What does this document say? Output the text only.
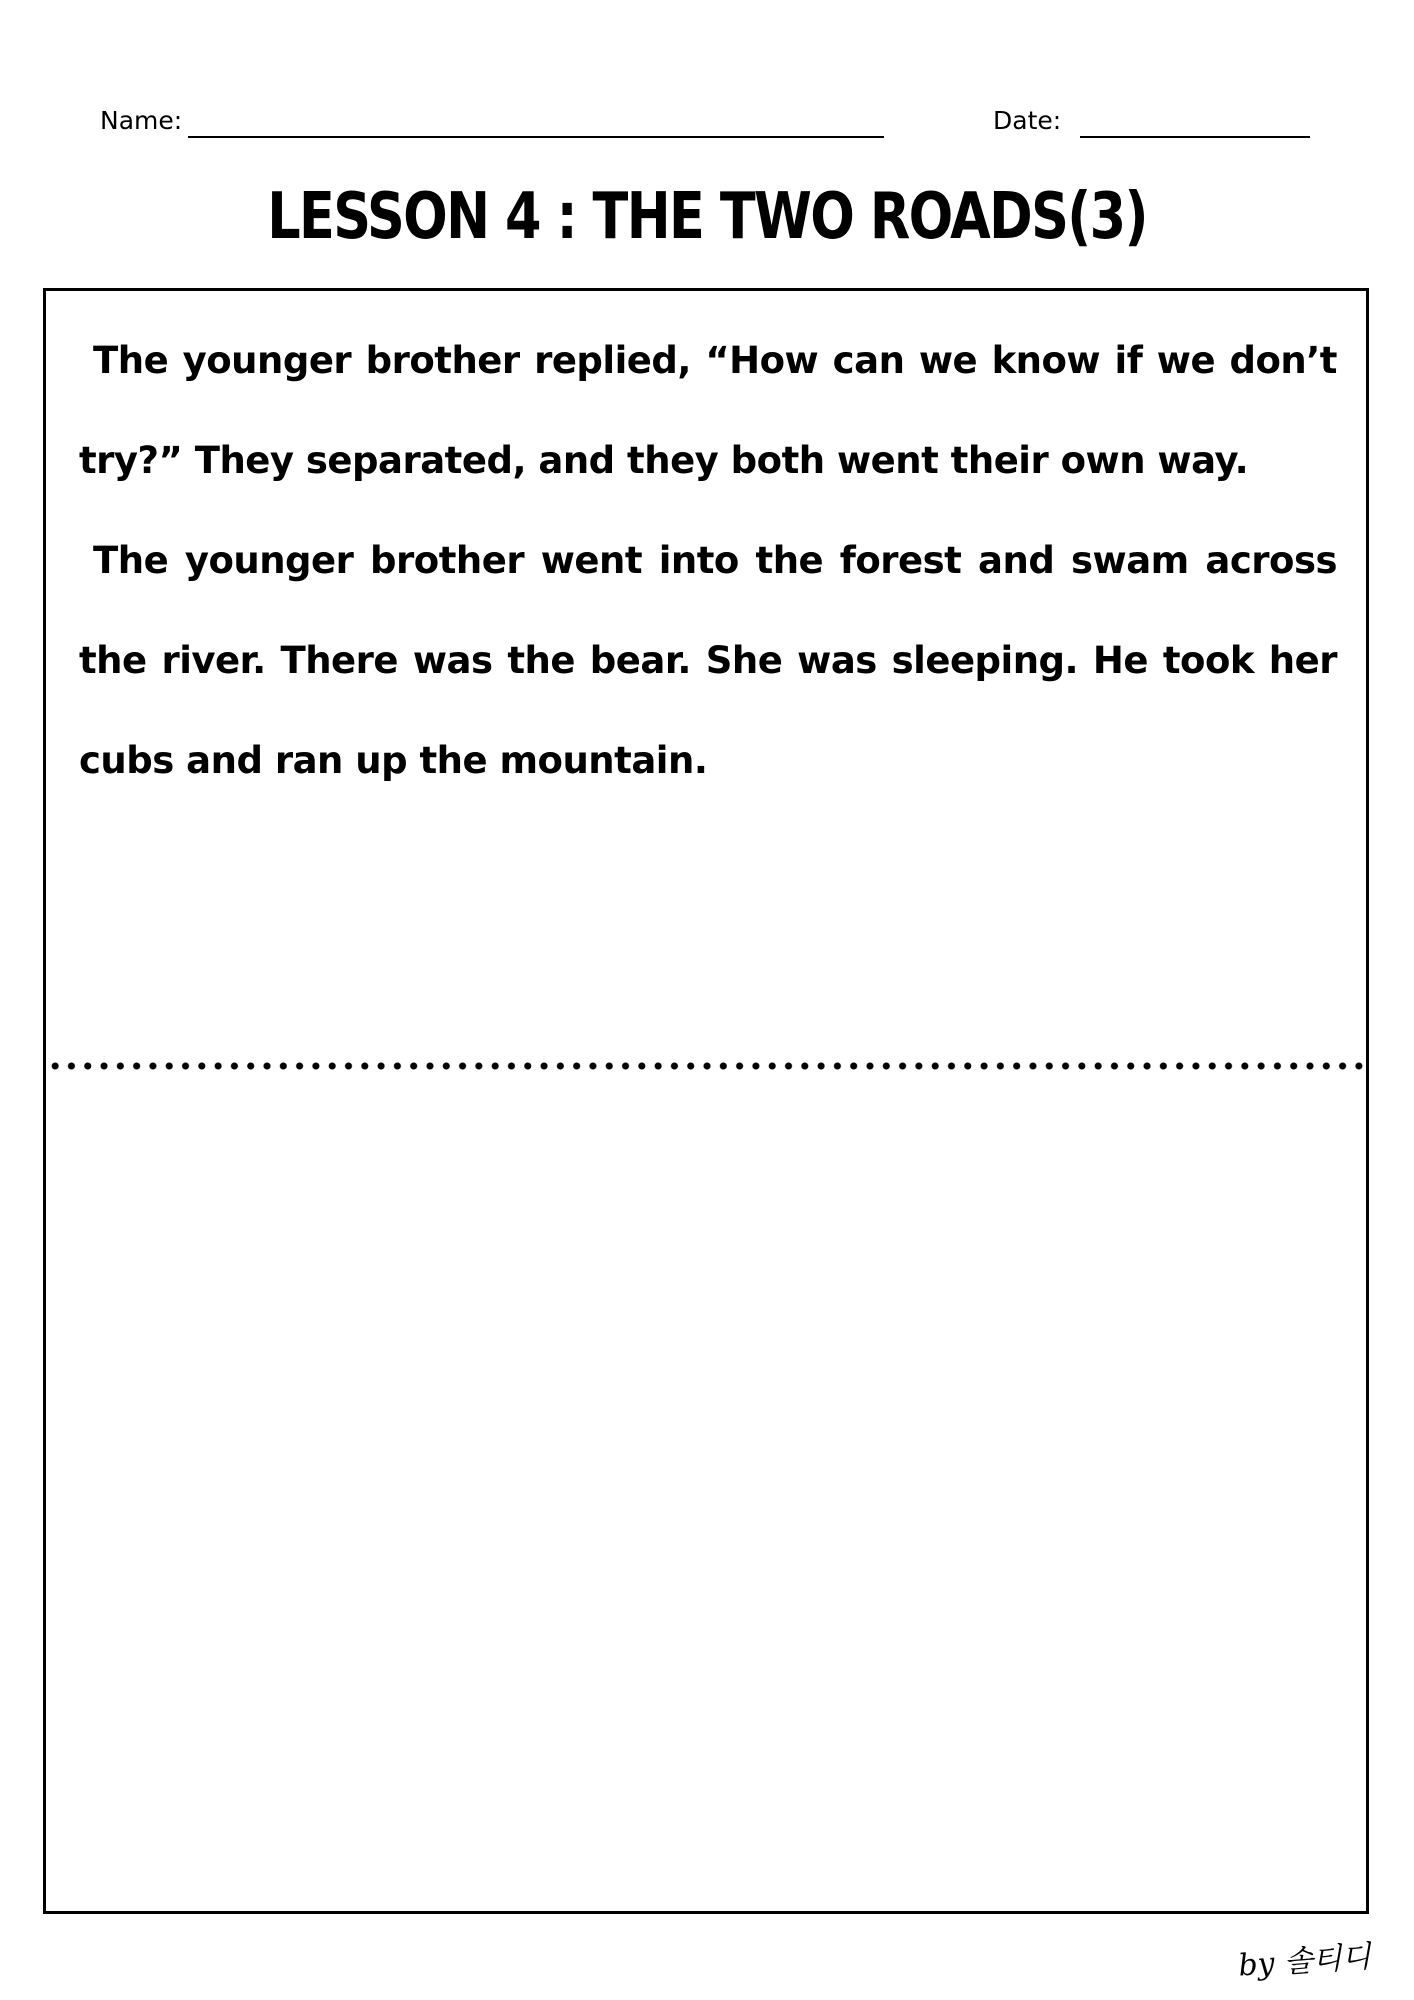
Name:	Date:
LESSON 4 : THE TWO ROADS(3)

The younger brother replied, “How can we know if we don’t try?” They separated, and they both went their own way.

The younger brother went into the forest and swam across the river. There was the bear. She was sleeping. He took her cubs and ran up the mountain.

by 솔티디
